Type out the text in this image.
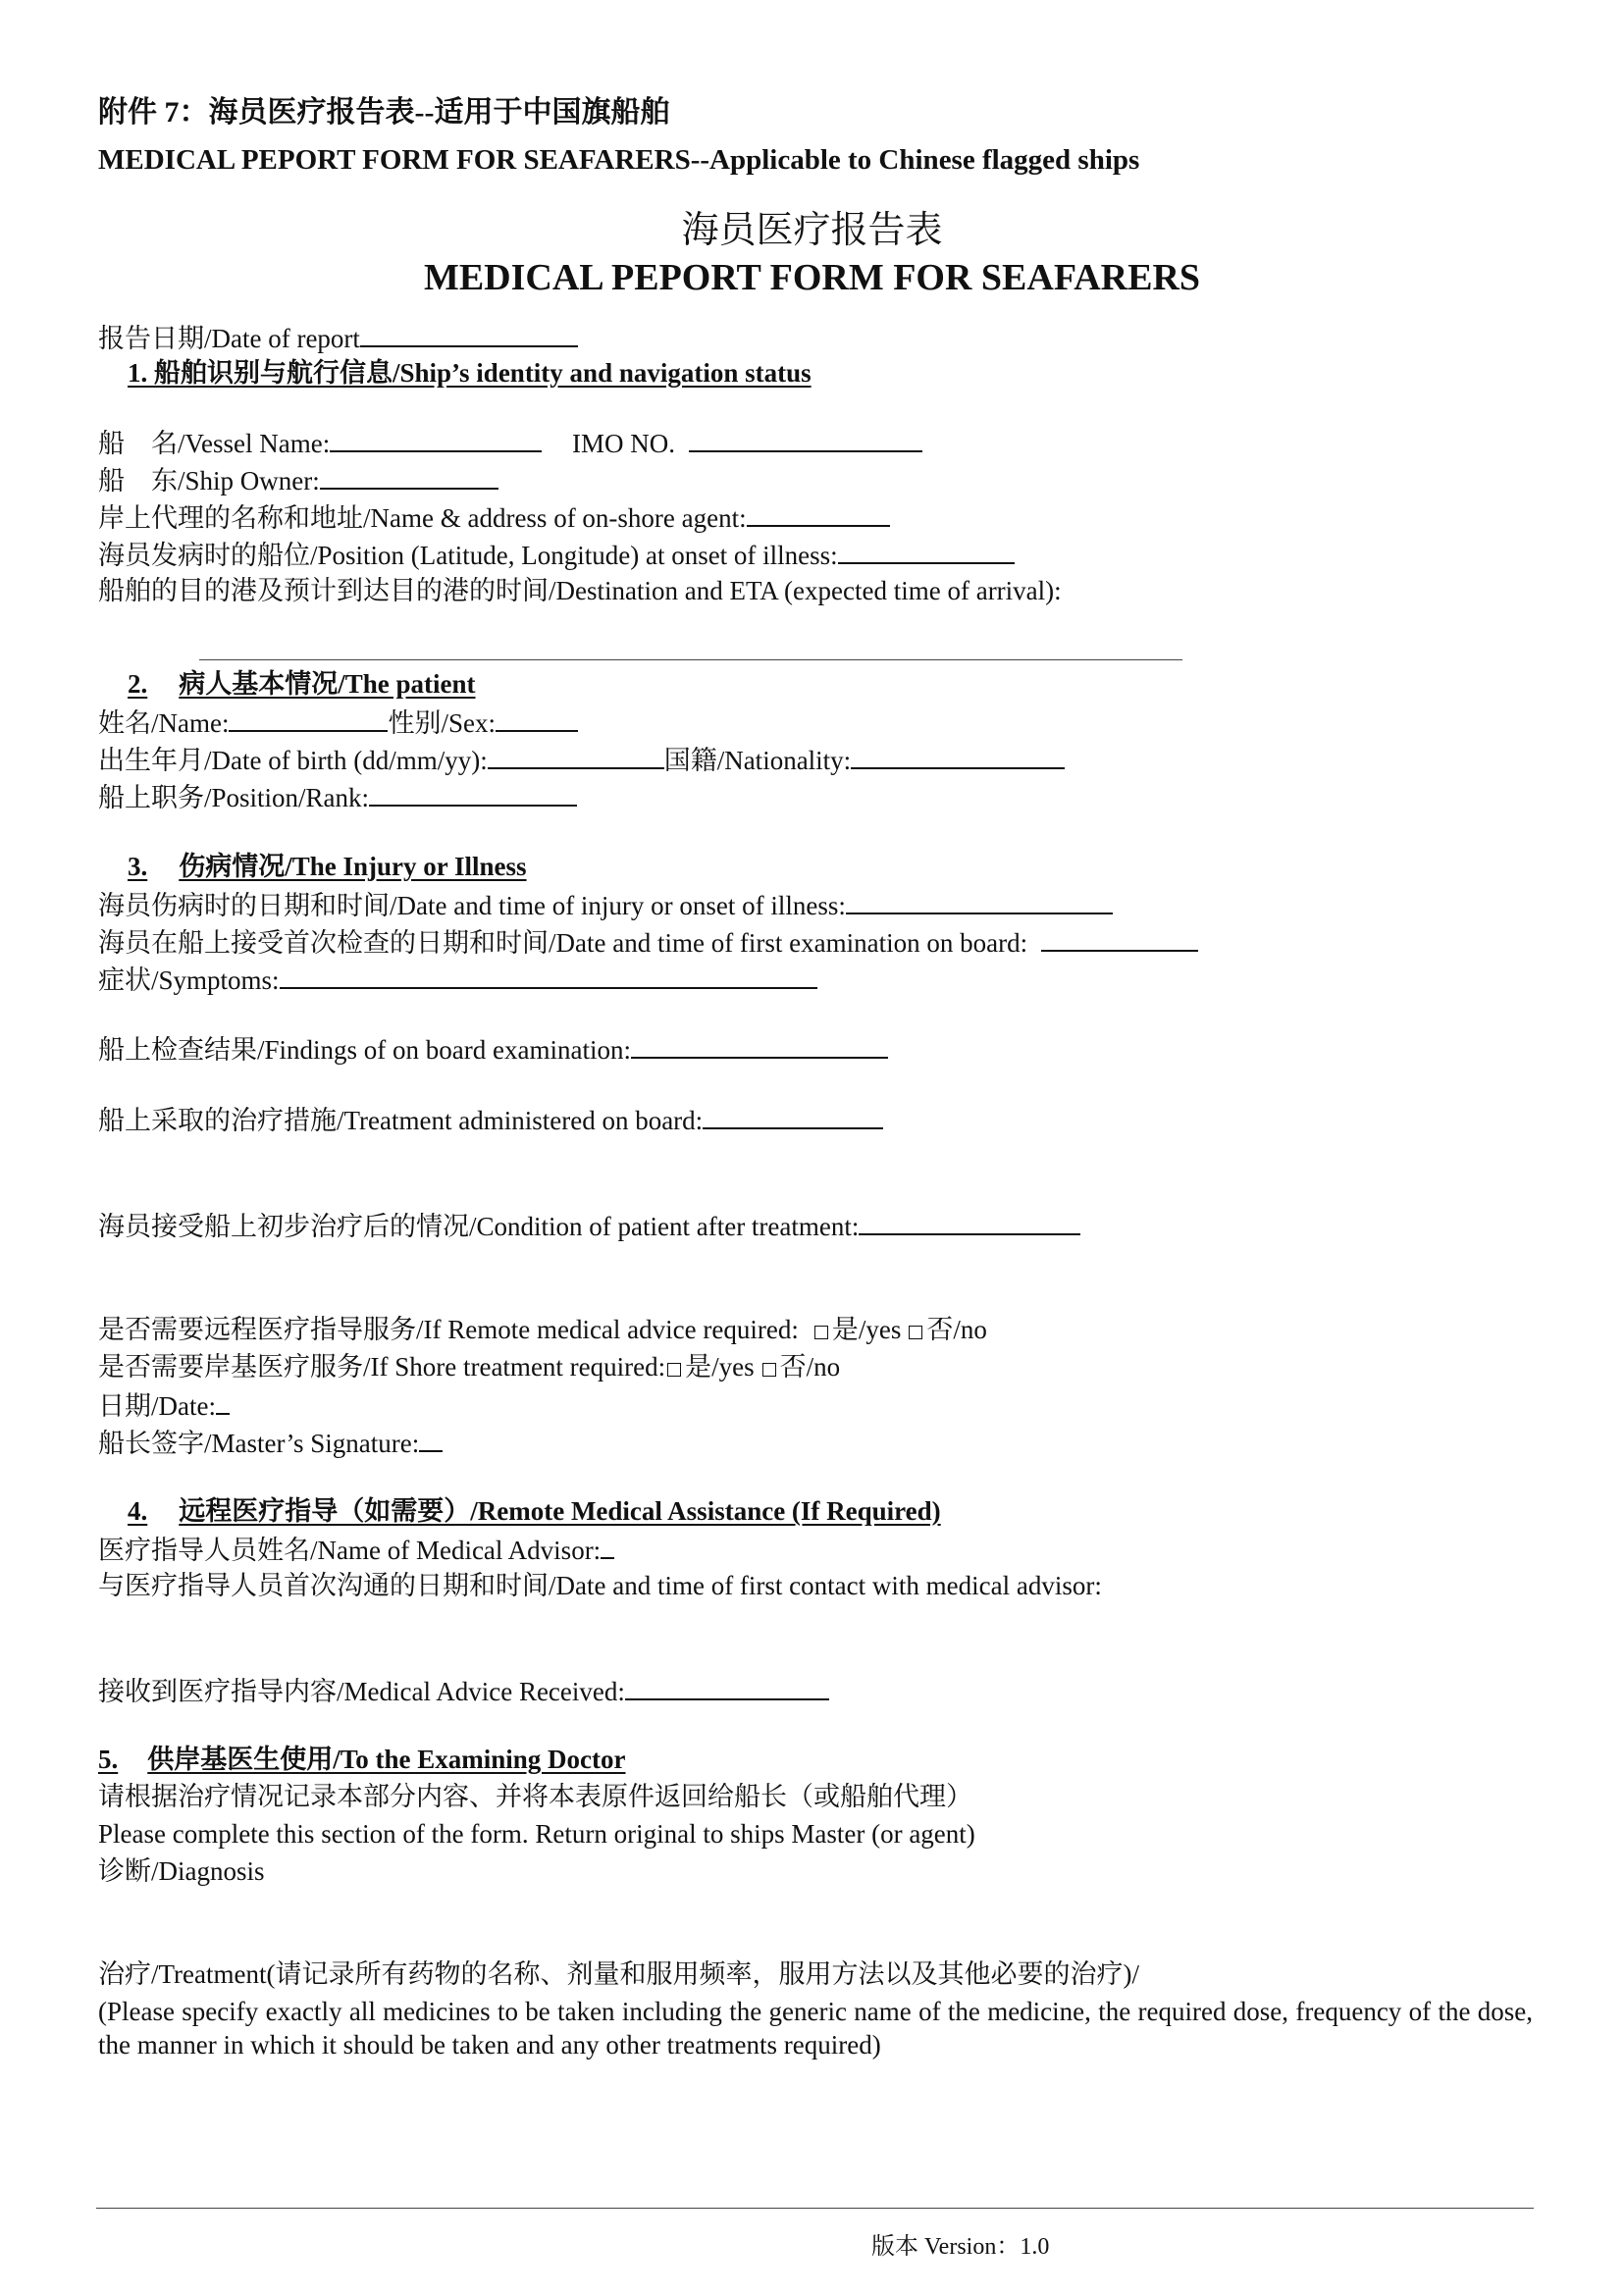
附件 7：海员医疗报告表--适用于中国旗船舶
MEDICAL PEPORT FORM FOR SEAFARERS--Applicable to Chinese flagged ships
海员医疗报告表
MEDICAL PEPORT FORM FOR SEAFARERS
报告日期/Date of report
1. 船舶识别与航行信息/Ship’s identity and navigation status
船　名/Vessel Name:	IMO NO.
船　东/Ship Owner:
岸上代理的名称和地址/Name & address of on-shore agent:
海员发病时的船位/Position (Latitude, Longitude) at onset of illness:
船舶的目的港及预计到达目的港的时间/Destination and ETA (expected time of arrival):
2. 病人基本情况/The patient
姓名/Name:	性别/Sex:
出生年月/Date of birth (dd/mm/yy):	国籍/Nationality:
船上职务/Position/Rank:
3. 伤病情况/The Injury or Illness
海员伤病时的日期和时间/Date and time of injury or onset of illness:
海员在船上接受首次检查的日期和时间/Date and time of first examination on board:
症状/Symptoms:
船上检查结果/Findings of on board examination:
船上采取的治疗措施/Treatment administered on board:
海员接受船上初步治疗后的情况/Condition of patient after treatment:
是否需要远程医疗指导服务/If Remote medical advice required: 是/yes 否/no
是否需要岸基医疗服务/If Shore treatment required: 是/yes 否/no
日期/Date:
船长签字/Master’s Signature:
4. 远程医疗指导（如需要）/Remote Medical Assistance (If Required)
医疗指导人员姓名/Name of Medical Advisor:
与医疗指导人员首次沟通的日期和时间/Date and time of first contact with medical advisor:
接收到医疗指导内容/Medical Advice Received:
5. 供岸基医生使用/To the Examining Doctor
请根据治疗情况记录本部分内容、并将本表原件返回给船长（或船舶代理）
Please complete this section of the form. Return original to ships Master (or agent)
诊断/Diagnosis
治疗/Treatment(请记录所有药物的名称、剂量和服用频率，服用方法以及其他必要的治疗)/
(Please specify exactly all medicines to be taken including the generic name of the medicine, the required dose, frequency of the dose, the manner in which it should be taken and any other treatments required)
版本 Version：1.0
